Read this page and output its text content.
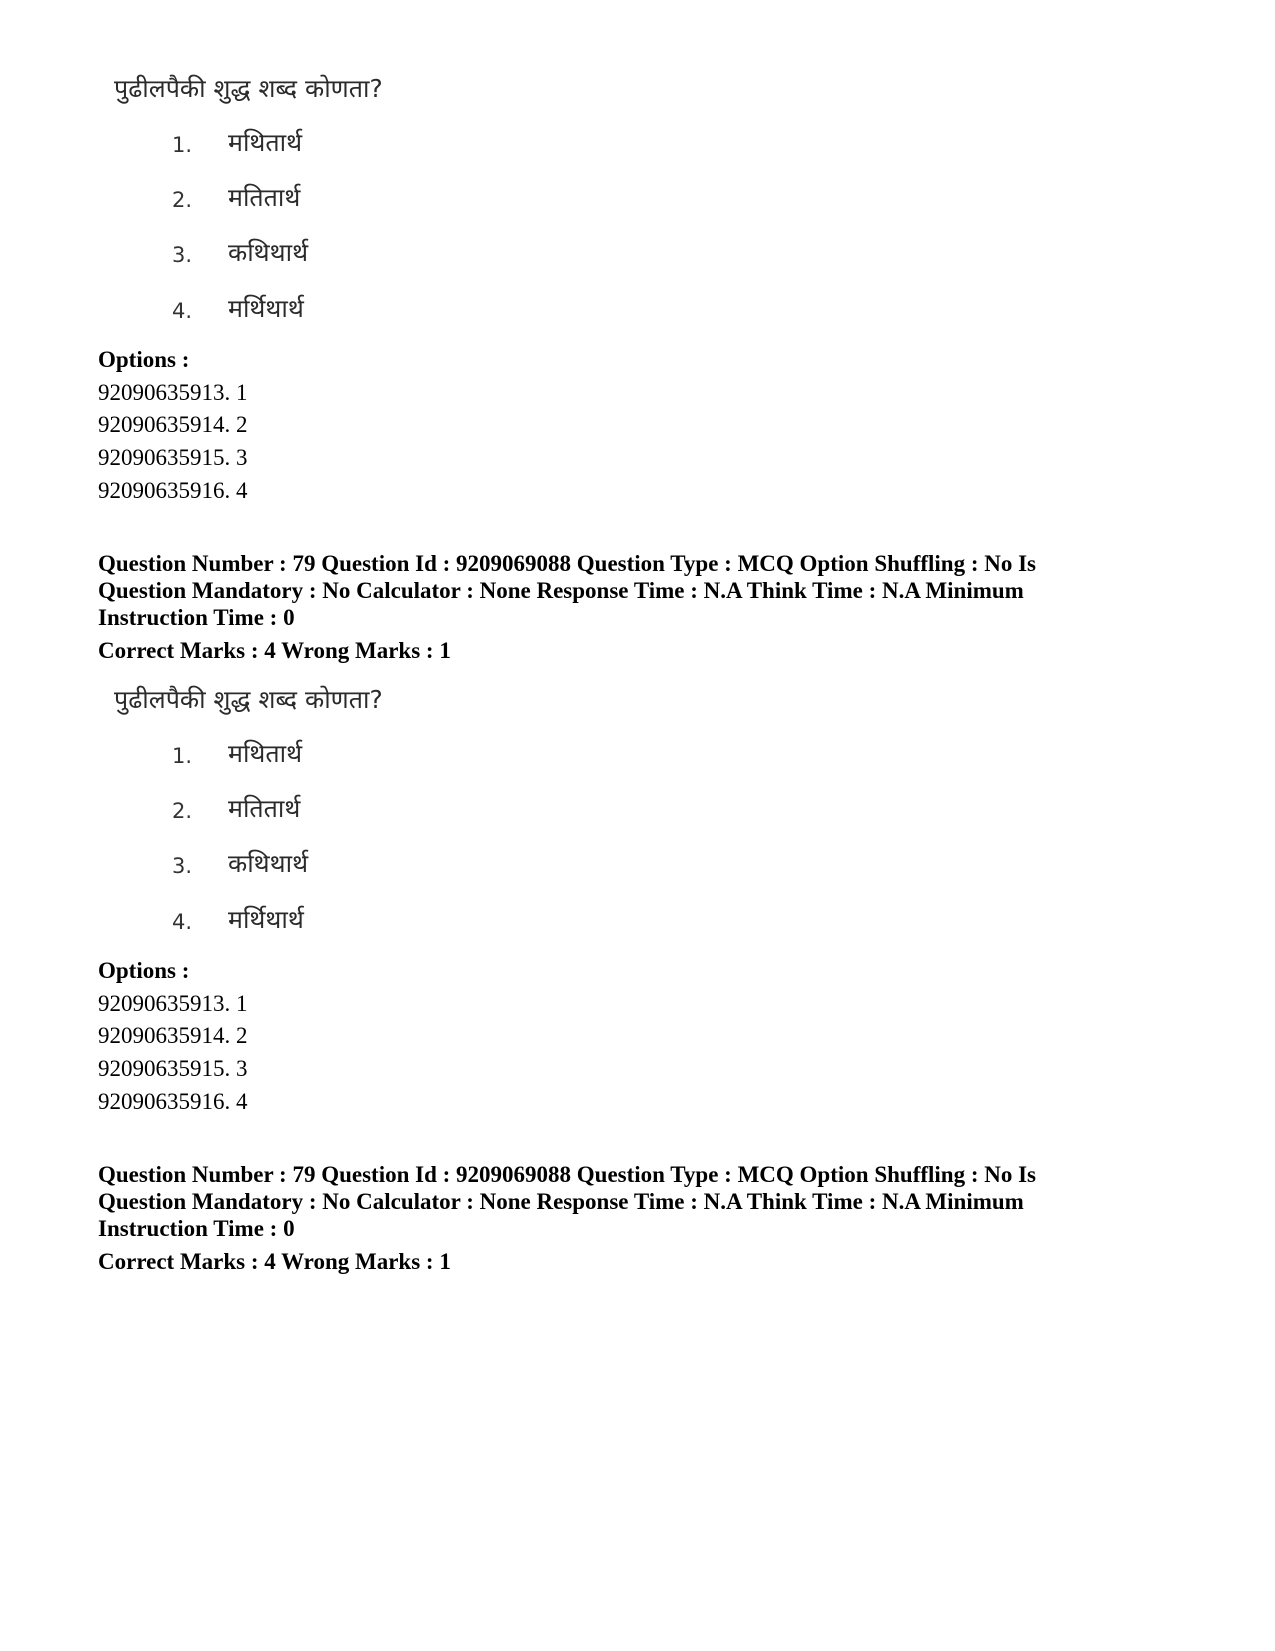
पुढीलपैकी शुद्ध शब्द कोणता?
1. मथितार्थ
2. मतितार्थ
3. कथिथार्थ
4. मर्थिथार्थ
Options :
92090635913. 1
92090635914. 2
92090635915. 3
92090635916. 4
Question Number : 79 Question Id : 9209069088 Question Type : MCQ Option Shuffling : No Is
Question Mandatory : No Calculator : None Response Time : N.A Think Time : N.A Minimum
Instruction Time : 0
Correct Marks : 4 Wrong Marks : 1
पुढीलपैकी शुद्ध शब्द कोणता?
1. मथितार्थ
2. मतितार्थ
3. कथिथार्थ
4. मर्थिथार्थ
Options :
92090635913. 1
92090635914. 2
92090635915. 3
92090635916. 4
Question Number : 79 Question Id : 9209069088 Question Type : MCQ Option Shuffling : No Is
Question Mandatory : No Calculator : None Response Time : N.A Think Time : N.A Minimum
Instruction Time : 0
Correct Marks : 4 Wrong Marks : 1
